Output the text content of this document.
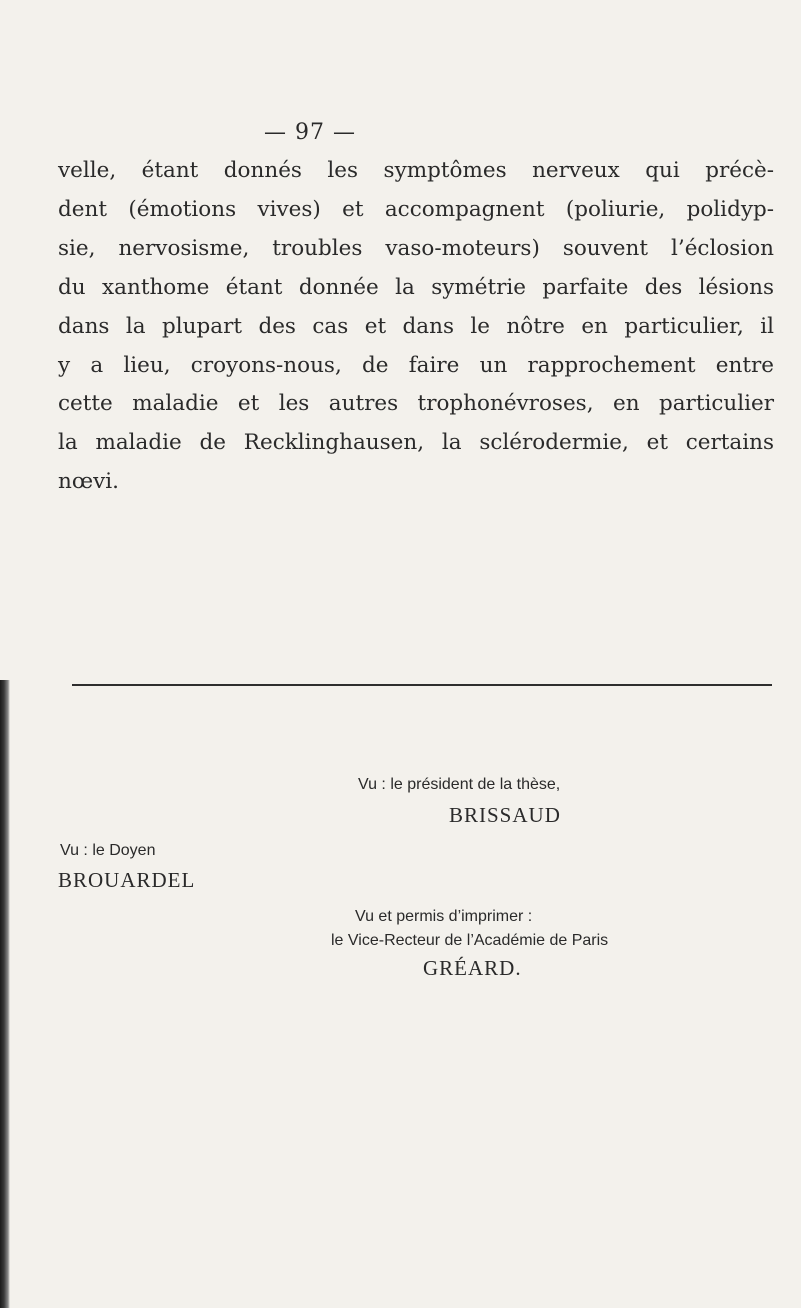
— 97 —
velle, étant donnés les symptômes nerveux qui précè-
dent (émotions vives) et accompagnent (poliurie, polidyp-
sie, nervosisme, troubles vaso-moteurs) souvent l’éclosion
du xanthome étant donnée la symétrie parfaite des lésions
dans la plupart des cas et dans le nôtre en particulier, il
y a lieu, croyons-nous, de faire un rapprochement entre
cette maladie et les autres trophonévroses, en particulier
la maladie de Recklinghausen, la sclérodermie, et certains
nœvi.
Vu : le président de la thèse,
BRISSAUD
Vu : le Doyen
BROUARDEL
Vu et permis d’imprimer :
le Vice-Recteur de l’Académie de Paris
GRÉARD.
